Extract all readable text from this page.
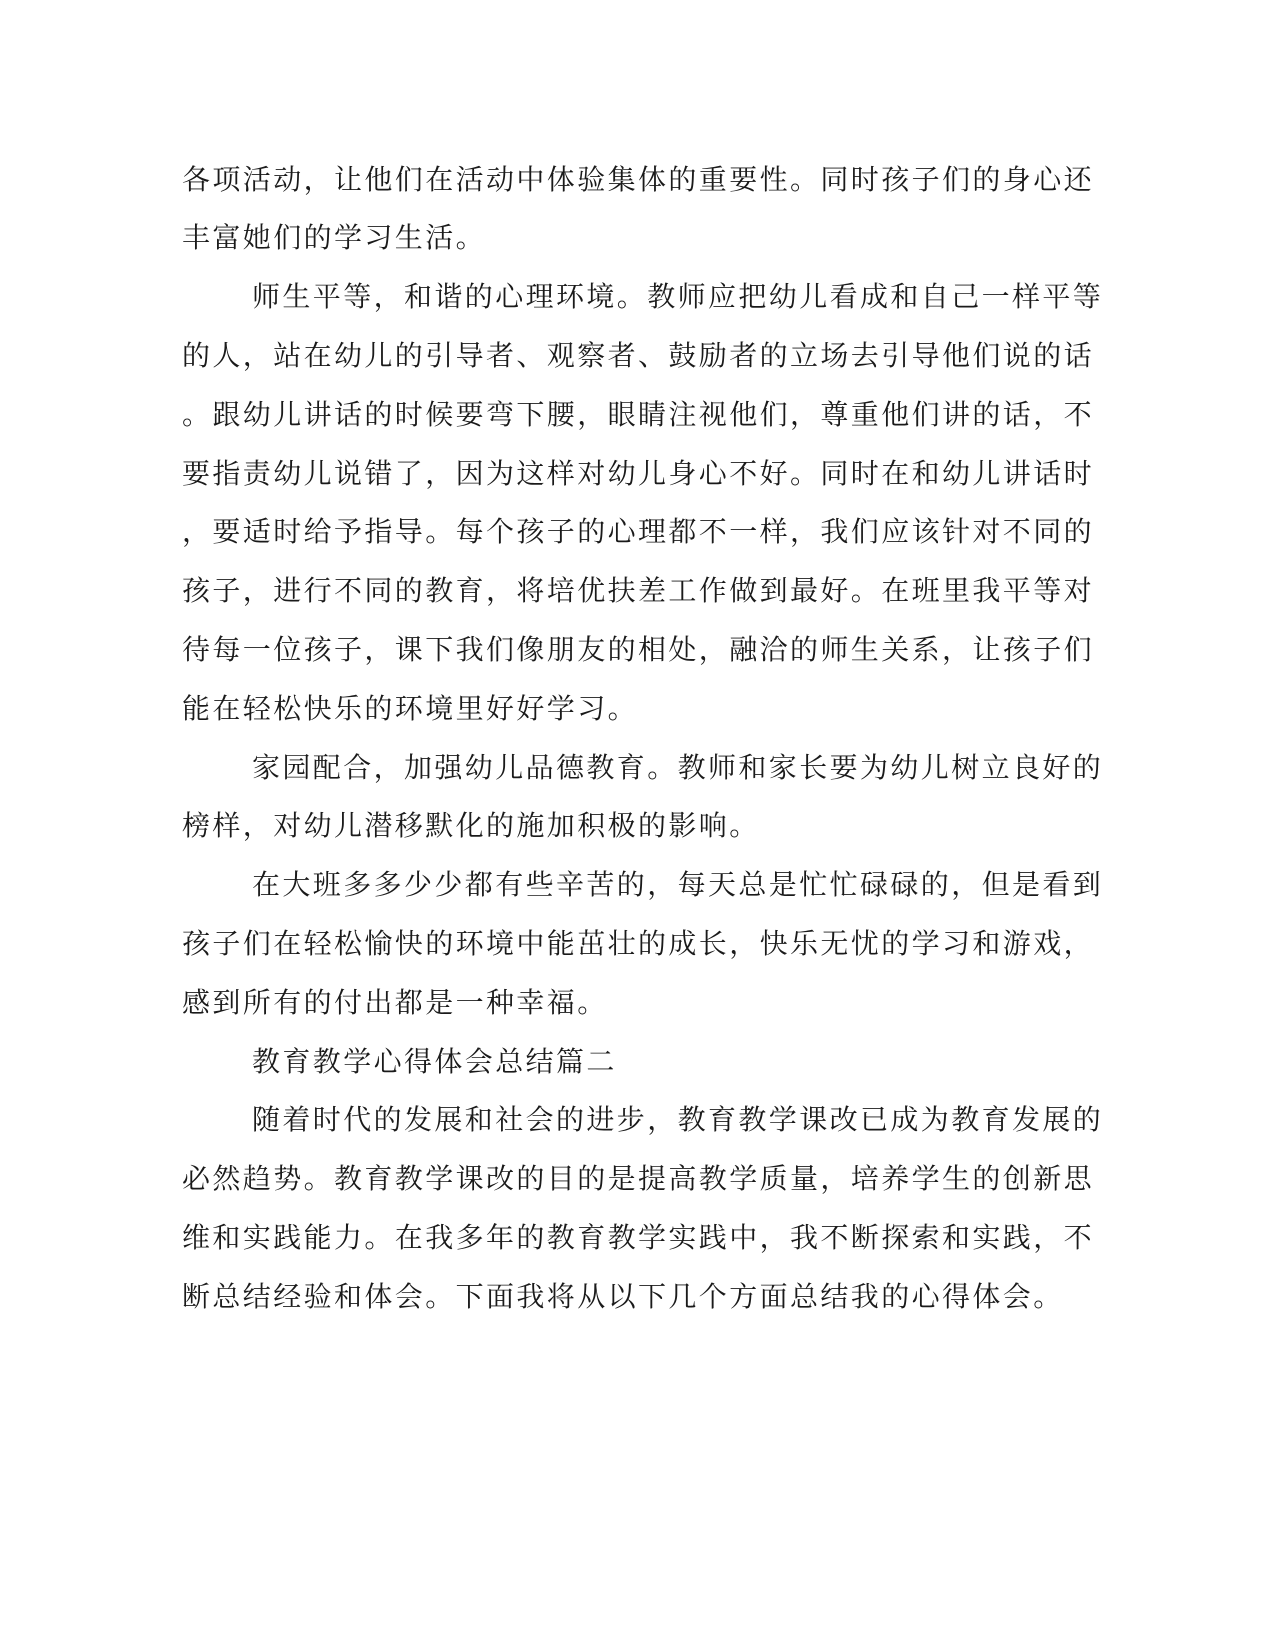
各项活动，让他们在活动中体验集体的重要性。同时孩子们的身心还
丰富她们的学习生活。
师生平等，和谐的心理环境。教师应把幼儿看成和自己一样平等
的人，站在幼儿的引导者、观察者、鼓励者的立场去引导他们说的话
。跟幼儿讲话的时候要弯下腰，眼睛注视他们，尊重他们讲的话，不
要指责幼儿说错了，因为这样对幼儿身心不好。同时在和幼儿讲话时
，要适时给予指导。每个孩子的心理都不一样，我们应该针对不同的
孩子，进行不同的教育，将培优扶差工作做到最好。在班里我平等对
待每一位孩子，课下我们像朋友的相处，融洽的师生关系，让孩子们
能在轻松快乐的环境里好好学习。
家园配合，加强幼儿品德教育。教师和家长要为幼儿树立良好的
榜样，对幼儿潜移默化的施加积极的影响。
在大班多多少少都有些辛苦的，每天总是忙忙碌碌的，但是看到
孩子们在轻松愉快的环境中能茁壮的成长，快乐无忧的学习和游戏，
感到所有的付出都是一种幸福。
教育教学心得体会总结篇二
随着时代的发展和社会的进步，教育教学课改已成为教育发展的
必然趋势。教育教学课改的目的是提高教学质量，培养学生的创新思
维和实践能力。在我多年的教育教学实践中，我不断探索和实践，不
断总结经验和体会。下面我将从以下几个方面总结我的心得体会。
